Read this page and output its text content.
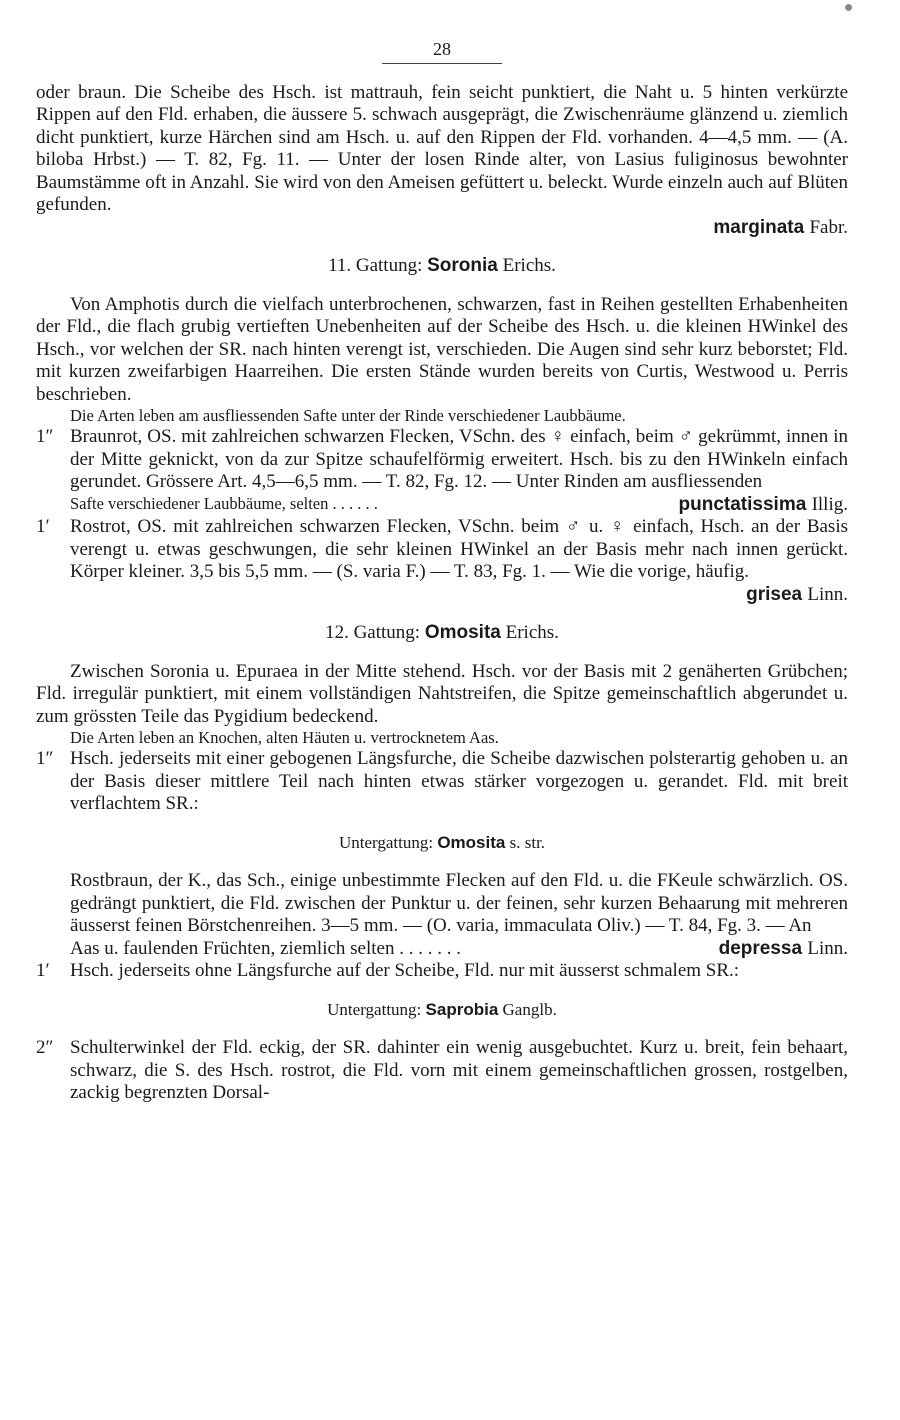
28

oder braun. Die Scheibe des Hsch. ist mattrauh, fein seicht punktiert, die Naht u. 5 hinten verkürzte Rippen auf den Fld. erhaben, die äussere 5. schwach ausgeprägt, die Zwischenräume glänzend u. ziemlich dicht punktiert, kurze Härchen sind am Hsch. u. auf den Rippen der Fld. vorhanden. 4—4,5 mm. — (A. biloba Hrbst.) — T. 82, Fg. 11. — Unter der losen Rinde alter, von Lasius fuliginosus bewohnter Baumstämme oft in Anzahl. Sie wird von den Ameisen gefüttert u. beleckt. Wurde einzeln auch auf Blüten gefunden.

marginata Fabr.
11. Gattung: Soronia Erichs.

Von Amphotis durch die vielfach unterbrochenen, schwarzen, fast in Reihen gestellten Erhabenheiten der Fld., die flach grubig vertieften Unebenheiten auf der Scheibe des Hsch. u. die kleinen HWinkel des Hsch., vor welchen der SR. nach hinten verengt ist, verschieden. Die Augen sind sehr kurz beborstet; Fld. mit kurzen zweifarbigen Haarreihen. Die ersten Stände wurden bereits von Curtis, Westwood u. Perris beschrieben.

Die Arten leben am ausfliessenden Safte unter der Rinde verschiedener Laubbäume.

1″ Braunrot, OS. mit zahlreichen schwarzen Flecken, VSchn. des ♀ einfach, beim ♂ gekrümmt, innen in der Mitte geknickt, von da zur Spitze schaufelförmig erweitert. Hsch. bis zu den HWinkeln einfach gerundet. Grössere Art. 4,5—6,5 mm. — T. 82, Fg. 12. — Unter Rinden am ausfliessenden

Safte verschiedener Laubbäume, selten . . . . . .	punctatissima Illig.
1′ Rostrot, OS. mit zahlreichen schwarzen Flecken, VSchn. beim ♂ u. ♀ einfach, Hsch. an der Basis verengt u. etwas geschwungen, die sehr kleinen HWinkel an der Basis mehr nach innen gerückt. Körper kleiner. 3,5 bis 5,5 mm. — (S. varia F.) — T. 83, Fg. 1. — Wie die vorige, häufig.

grisea Linn.
12. Gattung: Omosita Erichs.

Zwischen Soronia u. Epuraea in der Mitte stehend. Hsch. vor der Basis mit 2 genäherten Grübchen; Fld. irregulär punktiert, mit einem vollständigen Nahtstreifen, die Spitze gemeinschaftlich abgerundet u. zum grössten Teile das Pygidium bedeckend.

Die Arten leben an Knochen, alten Häuten u. vertrocknetem Aas.

1″ Hsch. jederseits mit einer gebogenen Längsfurche, die Scheibe dazwischen polsterartig gehoben u. an der Basis dieser mittlere Teil nach hinten etwas stärker vorgezogen u. gerandet. Fld. mit breit verflachtem SR.:

Untergattung: Omosita s. str.

Rostbraun, der K., das Sch., einige unbestimmte Flecken auf den Fld. u. die FKeule schwärzlich. OS. gedrängt punktiert, die Fld. zwischen der Punktur u. der feinen, sehr kurzen Behaarung mit mehreren äusserst feinen Börstchenreihen. 3—5 mm. — (O. varia, immaculata Oliv.) — T. 84, Fg. 3. — An

Aas u. faulenden Früchten, ziemlich selten . . . . . . .	depressa Linn.
1′ Hsch. jederseits ohne Längsfurche auf der Scheibe, Fld. nur mit äusserst schmalem SR.:

Untergattung: Saprobia Ganglb.
2″ Schulterwinkel der Fld. eckig, der SR. dahinter ein wenig ausgebuchtet. Kurz u. breit, fein behaart, schwarz, die S. des Hsch. rostrot, die Fld. vorn mit einem gemeinschaftlichen grossen, rostgelben, zackig begrenzten Dorsal-
